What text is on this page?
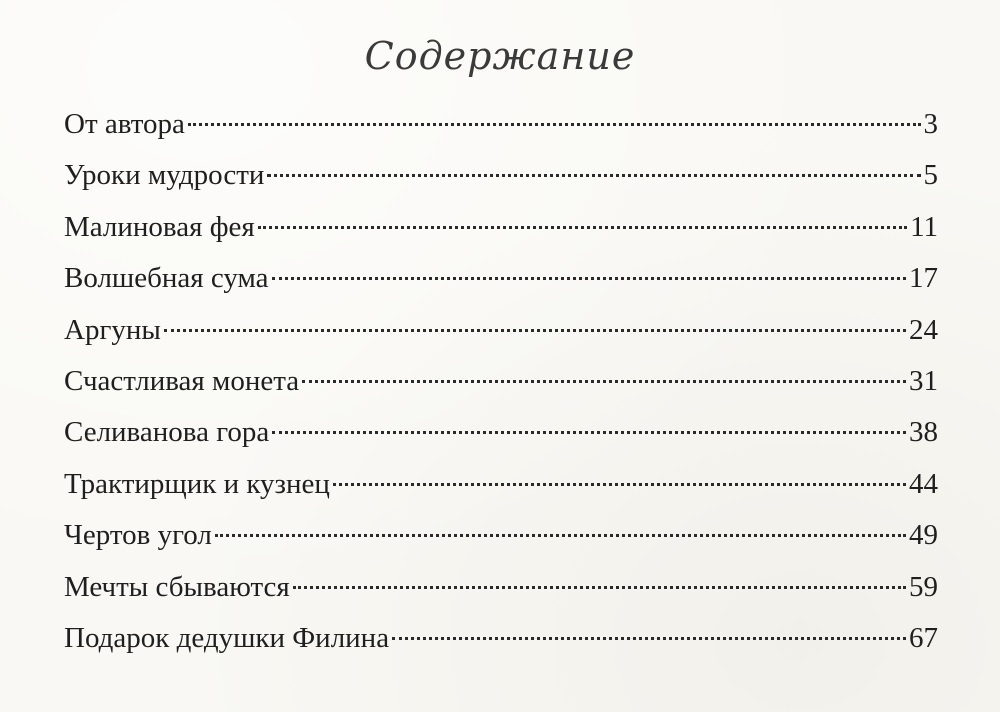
Содержание
От автора	3
Уроки мудрости	5
Малиновая фея	11
Волшебная сума	17
Аргуны	24
Счастливая монета	31
Селиванова гора	38
Трактирщик и кузнец	44
Чертов угол	49
Мечты сбываются	59
Подарок дедушки Филина	67
